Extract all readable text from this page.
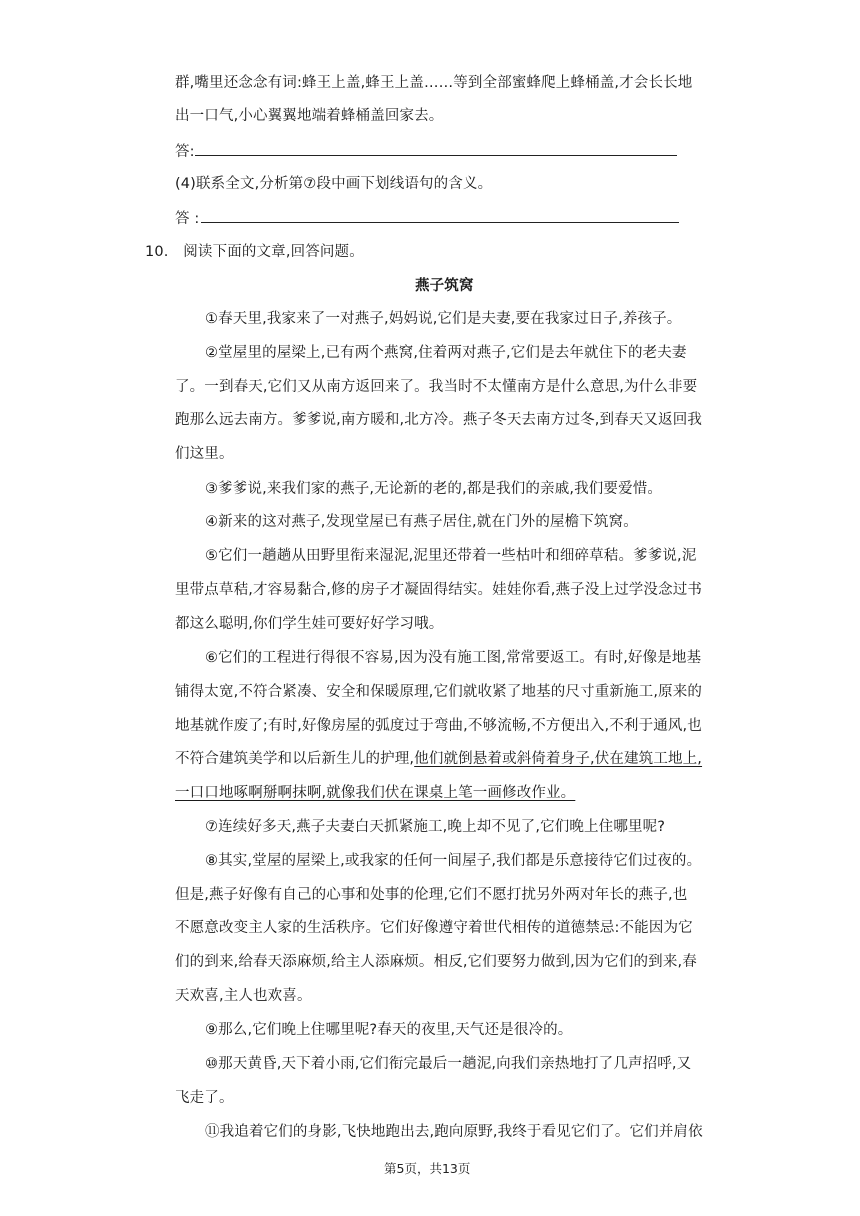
群,嘴里还念念有词:蜂王上盖,蜂王上盖……等到全部蜜蜂爬上蜂桶盖,才会长长地
出一口气,小心翼翼地端着蜂桶盖回家去。
答:
(4)联系全文,分析第⑦段中画下划线语句的含义。
答 :
10. 阅读下面的文章,回答问题。
燕子筑窝
①春天里,我家来了一对燕子,妈妈说,它们是夫妻,要在我家过日子,养孩子。
②堂屋里的屋梁上,已有两个燕窝,住着两对燕子,它们是去年就住下的老夫妻
了。一到春天,它们又从南方返回来了。我当时不太懂南方是什么意思,为什么非要
跑那么远去南方。爹爹说,南方暖和,北方冷。燕子冬天去南方过冬,到春天又返回我
们这里。
③爹爹说,来我们家的燕子,无论新的老的,都是我们的亲戚,我们要爱惜。
④新来的这对燕子,发现堂屋已有燕子居住,就在门外的屋檐下筑窝。
⑤它们一趟趟从田野里衔来湿泥,泥里还带着一些枯叶和细碎草秸。爹爹说,泥
里带点草秸,才容易黏合,修的房子才凝固得结实。娃娃你看,燕子没上过学没念过书
都这么聪明,你们学生娃可要好好学习哦。
⑥它们的工程进行得很不容易,因为没有施工图,常常要返工。有时,好像是地基
铺得太宽,不符合紧凑、安全和保暖原理,它们就收紧了地基的尺寸重新施工,原来的
地基就作废了;有时,好像房屋的弧度过于弯曲,不够流畅,不方便出入,不利于通风,也
不符合建筑美学和以后新生儿的护理,他们就倒悬着或斜倚着身子,伏在建筑工地上,
一口口地啄啊掰啊抹啊,就像我们伏在课桌上笔一画修改作业。
⑦连续好多天,燕子夫妻白天抓紧施工,晚上却不见了,它们晚上住哪里呢?
⑧其实,堂屋的屋梁上,或我家的任何一间屋子,我们都是乐意接待它们过夜的。
但是,燕子好像有自己的心事和处事的伦理,它们不愿打扰另外两对年长的燕子,也
不愿意改变主人家的生活秩序。它们好像遵守着世代相传的道德禁忌:不能因为它
们的到来,给春天添麻烦,给主人添麻烦。相反,它们要努力做到,因为它们的到来,春
天欢喜,主人也欢喜。
⑨那么,它们晚上住哪里呢?春天的夜里,天气还是很冷的。
⑩那天黄昏,天下着小雨,它们衔完最后一趟泥,向我们亲热地打了几声招呼,又
飞走了。
⑪我追着它们的身影,飞快地跑出去,跑向原野,我终于看见它们了。它们并肩依
第5页，共13页
